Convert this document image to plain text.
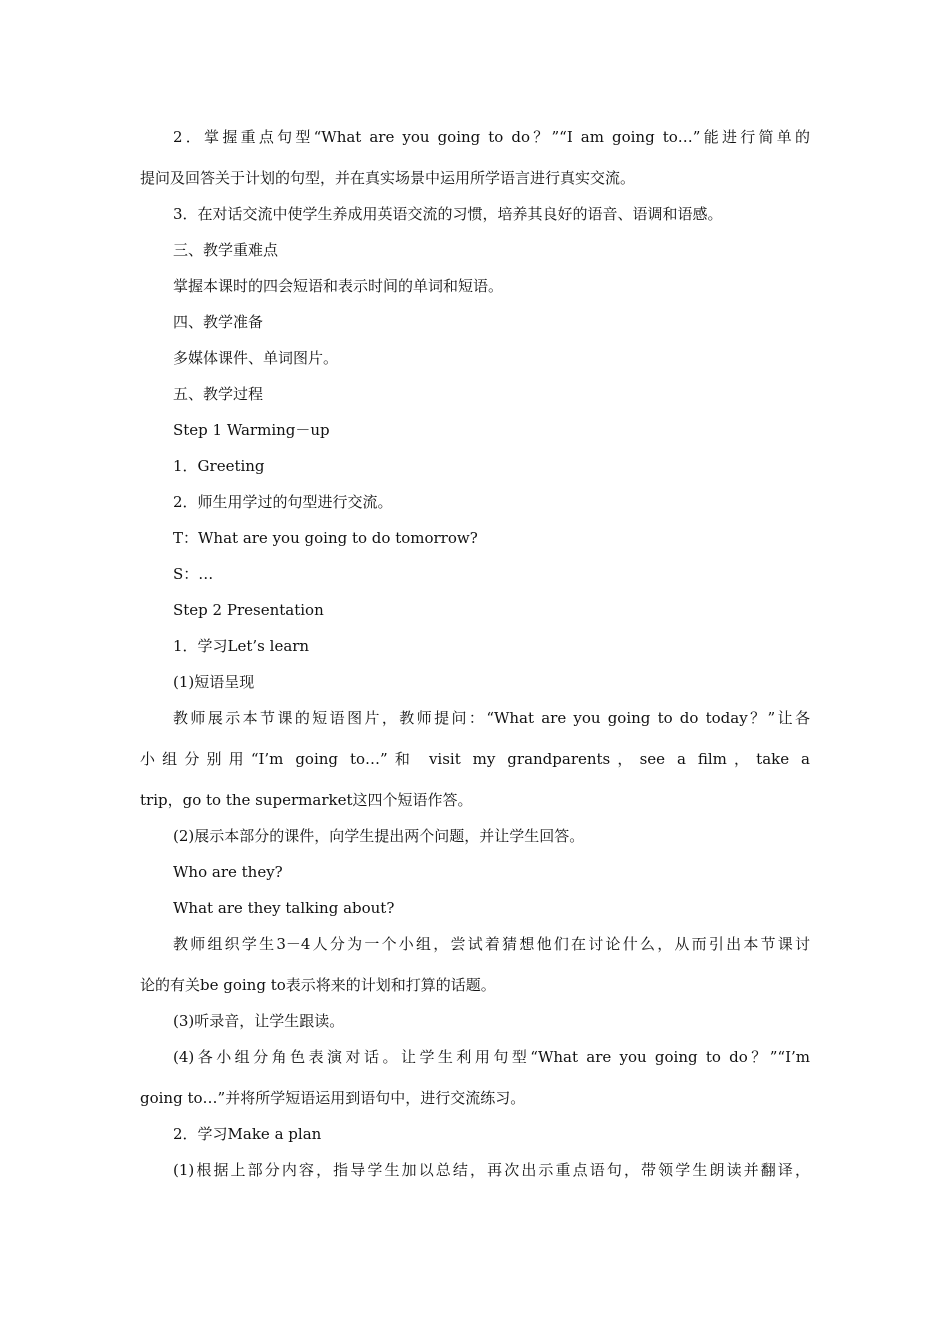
2．掌握重点句型“What are you going to do？”“I am going to…”能进行简单的
提问及回答关于计划的句型，并在真实场景中运用所学语言进行真实交流。
3．在对话交流中使学生养成用英语交流的习惯，培养其良好的语音、语调和语感。
三、教学重难点
掌握本课时的四会短语和表示时间的单词和短语。
四、教学准备
多媒体课件、单词图片。
五、教学过程
Step 1 Warming－up
1．Greeting
2．师生用学过的句型进行交流。
T：What are you going to do tomorrow?
S：…
Step 2 Presentation
1．学习Let’s learn
(1)短语呈现
教师展示本节课的短语图片，教师提问：“What are you going to do today？”让各
小组分别用“I’m going to…”和 visit my grandparents，see a film，take a
trip，go to the supermarket这四个短语作答。
(2)展示本部分的课件，向学生提出两个问题，并让学生回答。
Who are they?
What are they talking about?
教师组织学生3－4人分为一个小组，尝试着猜想他们在讨论什么，从而引出本节课讨
论的有关be going to表示将来的计划和打算的话题。
(3)听录音，让学生跟读。
(4)各小组分角色表演对话。让学生利用句型“What are you going to do？”“I’m
going to…”并将所学短语运用到语句中，进行交流练习。
2．学习Make a plan
(1)根据上部分内容，指导学生加以总结，再次出示重点语句，带领学生朗读并翻译，
